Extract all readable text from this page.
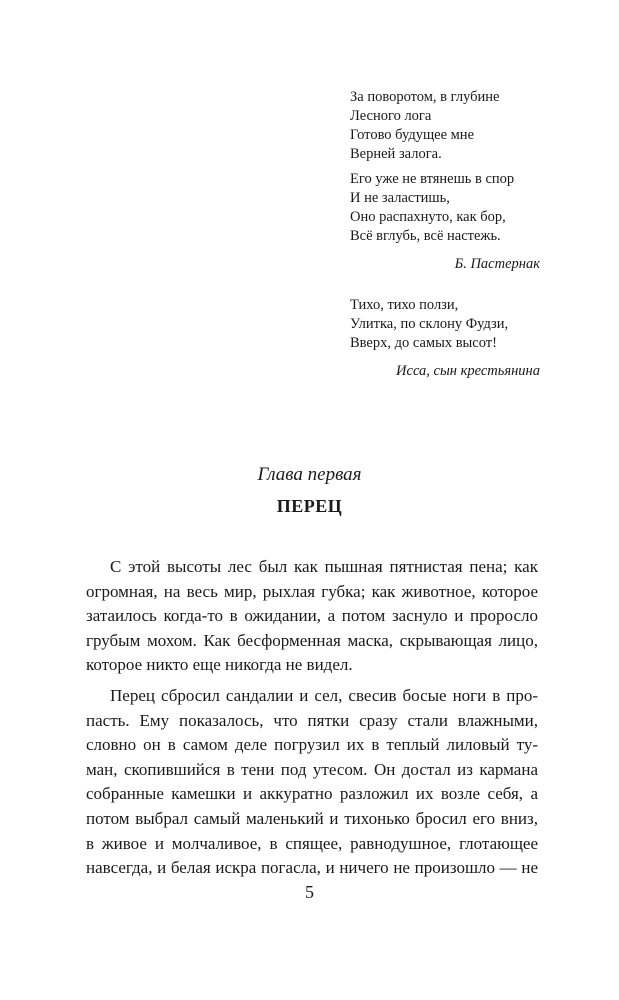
За поворотом, в глубине
Лесного лога
Готово будущее мне
Верней залога.
Его уже не втянешь в спор
И не заластишь,
Оно распахнуто, как бор,
Всё вглубь, всё настежь.
Б. Пастернак
Тихо, тихо ползи,
Улитка, по склону Фудзи,
Вверх, до самых высот!
Исса, сын крестьянина
Глава первая
ПЕРЕЦ
С этой высоты лес был как пышная пятнистая пена; как
огромная, на весь мир, рыхлая губка; как животное, которое
затаилось когда-то в ожидании, а потом заснуло и проросло
грубым мохом. Как бесформенная маска, скрывающая лицо,
которое никто еще никогда не видел.
Перец сбросил сандалии и сел, свесив босые ноги в про-
пасть. Ему показалось, что пятки сразу стали влажными,
словно он в самом деле погрузил их в теплый лиловый ту-
ман, скопившийся в тени под утесом. Он достал из кармана
собранные камешки и аккуратно разложил их возле себя, а
потом выбрал самый маленький и тихонько бросил его вниз,
в живое и молчаливое, в спящее, равнодушное, глотающее
навсегда, и белая искра погасла, и ничего не произошло — не
5
